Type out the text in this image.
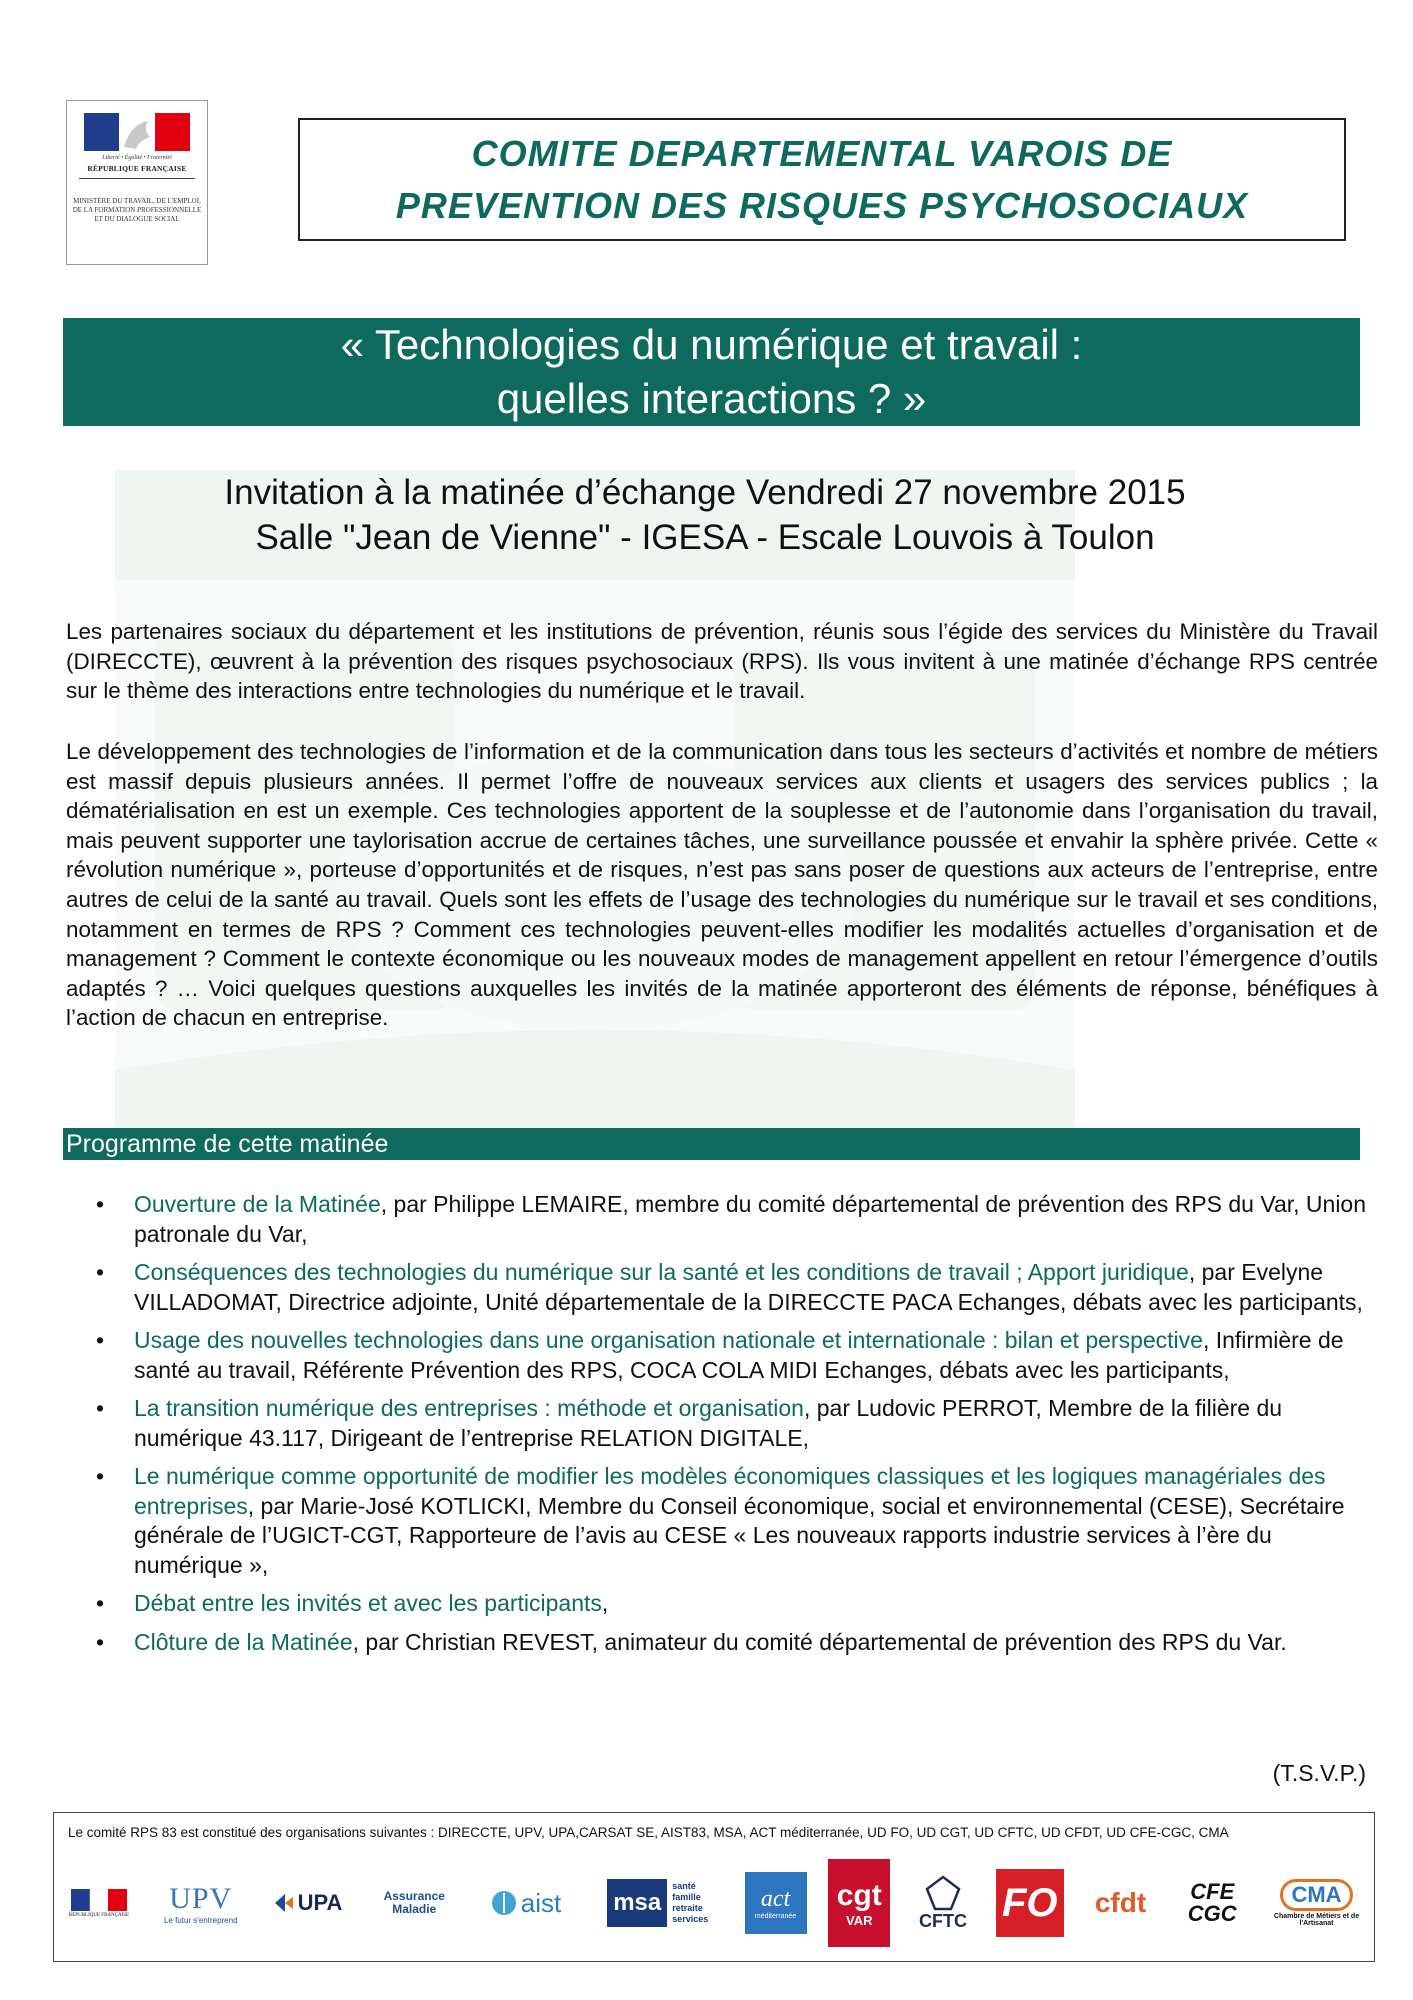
Liberté • Égalité • Fraternité
RÉPUBLIQUE FRANÇAISE
MINISTÈRE DU TRAVAIL, DE L'EMPLOI, DE LA FORMATION PROFESSIONNELLE ET DU DIALOGUE SOCIAL
COMITE DEPARTEMENTAL VAROIS DE
PREVENTION DES RISQUES PSYCHOSOCIAUX
« Technologies du numérique et travail :
quelles interactions ? »
Invitation à la matinée d’échange Vendredi 27 novembre 2015
Salle "Jean de Vienne" - IGESA - Escale Louvois à Toulon
Les partenaires sociaux du département et les institutions de prévention, réunis sous l’égide des services du Ministère du Travail (DIRECCTE), œuvrent à la prévention des risques psychosociaux (RPS). Ils vous invitent à une matinée d’échange RPS centrée sur le thème des interactions entre technologies du numérique et le travail.
Le développement des technologies de l’information et de la communication dans tous les secteurs d’activités et nombre de métiers est massif depuis plusieurs années. Il permet l’offre de nouveaux services aux clients et usagers des services publics ; la dématérialisation en est un exemple. Ces technologies apportent de la souplesse et de l’autonomie dans l’organisation du travail, mais peuvent supporter une taylorisation accrue de certaines tâches, une surveillance poussée et envahir la sphère privée. Cette « révolution numérique », porteuse d’opportunités et de risques, n’est pas sans poser de questions aux acteurs de l’entreprise, entre autres de celui de la santé au travail. Quels sont les effets de l’usage des technologies du numérique sur le travail et ses conditions, notamment en termes de RPS ? Comment ces technologies peuvent-elles modifier les modalités actuelles d’organisation et de management ? Comment le contexte économique ou les nouveaux modes de management appellent en retour l’émergence d’outils adaptés ? … Voici quelques questions auxquelles les invités de la matinée apporteront des éléments de réponse, bénéfiques à l’action de chacun en entreprise.
Programme de cette matinée
• Ouverture de la Matinée, par Philippe LEMAIRE, membre du comité départemental de prévention des RPS du Var, Union patronale du Var,
• Conséquences des technologies du numérique sur la santé et les conditions de travail ; Apport juridique, par Evelyne VILLADOMAT, Directrice adjointe, Unité départementale de la DIRECCTE PACA Echanges, débats avec les participants,
• Usage des nouvelles technologies dans une organisation nationale et internationale : bilan et perspective, Infirmière de santé au travail, Référente Prévention des RPS, COCA COLA MIDI Echanges, débats avec les participants,
• La transition numérique des entreprises : méthode et organisation, par Ludovic PERROT, Membre de la filière du numérique 43.117, Dirigeant de l’entreprise RELATION DIGITALE,
• Le numérique comme opportunité de modifier les modèles économiques classiques et les logiques managériales des entreprises, par Marie-José KOTLICKI, Membre du Conseil économique, social et environnemental (CESE), Secrétaire générale de l’UGICT-CGT, Rapporteure de l’avis au CESE « Les nouveaux rapports industrie services à l’ère du numérique »,
• Débat entre les invités et avec les participants,
• Clôture de la Matinée, par Christian REVEST, animateur du comité départemental de prévention des RPS du Var.
(T.S.V.P.)
Le comité RPS 83 est constitué des organisations suivantes : DIRECCTE, UPV, UPA,CARSAT SE, AIST83, MSA, ACT méditerranée, UD FO, UD CGT, UD CFTC, UD CFDT, UD CFE-CGC, CMA
RÉPUBLIQUE FRANÇAISE
UPV
Le futur s'entreprend
UPA	Assurance Maladie	aist msa
santé
famille
retraite
services
act
méditerranée
cgt
VAR	CFTC FO cfdt	CFE CGC
CMA
Chambre de Métiers et de l'Artisanat
